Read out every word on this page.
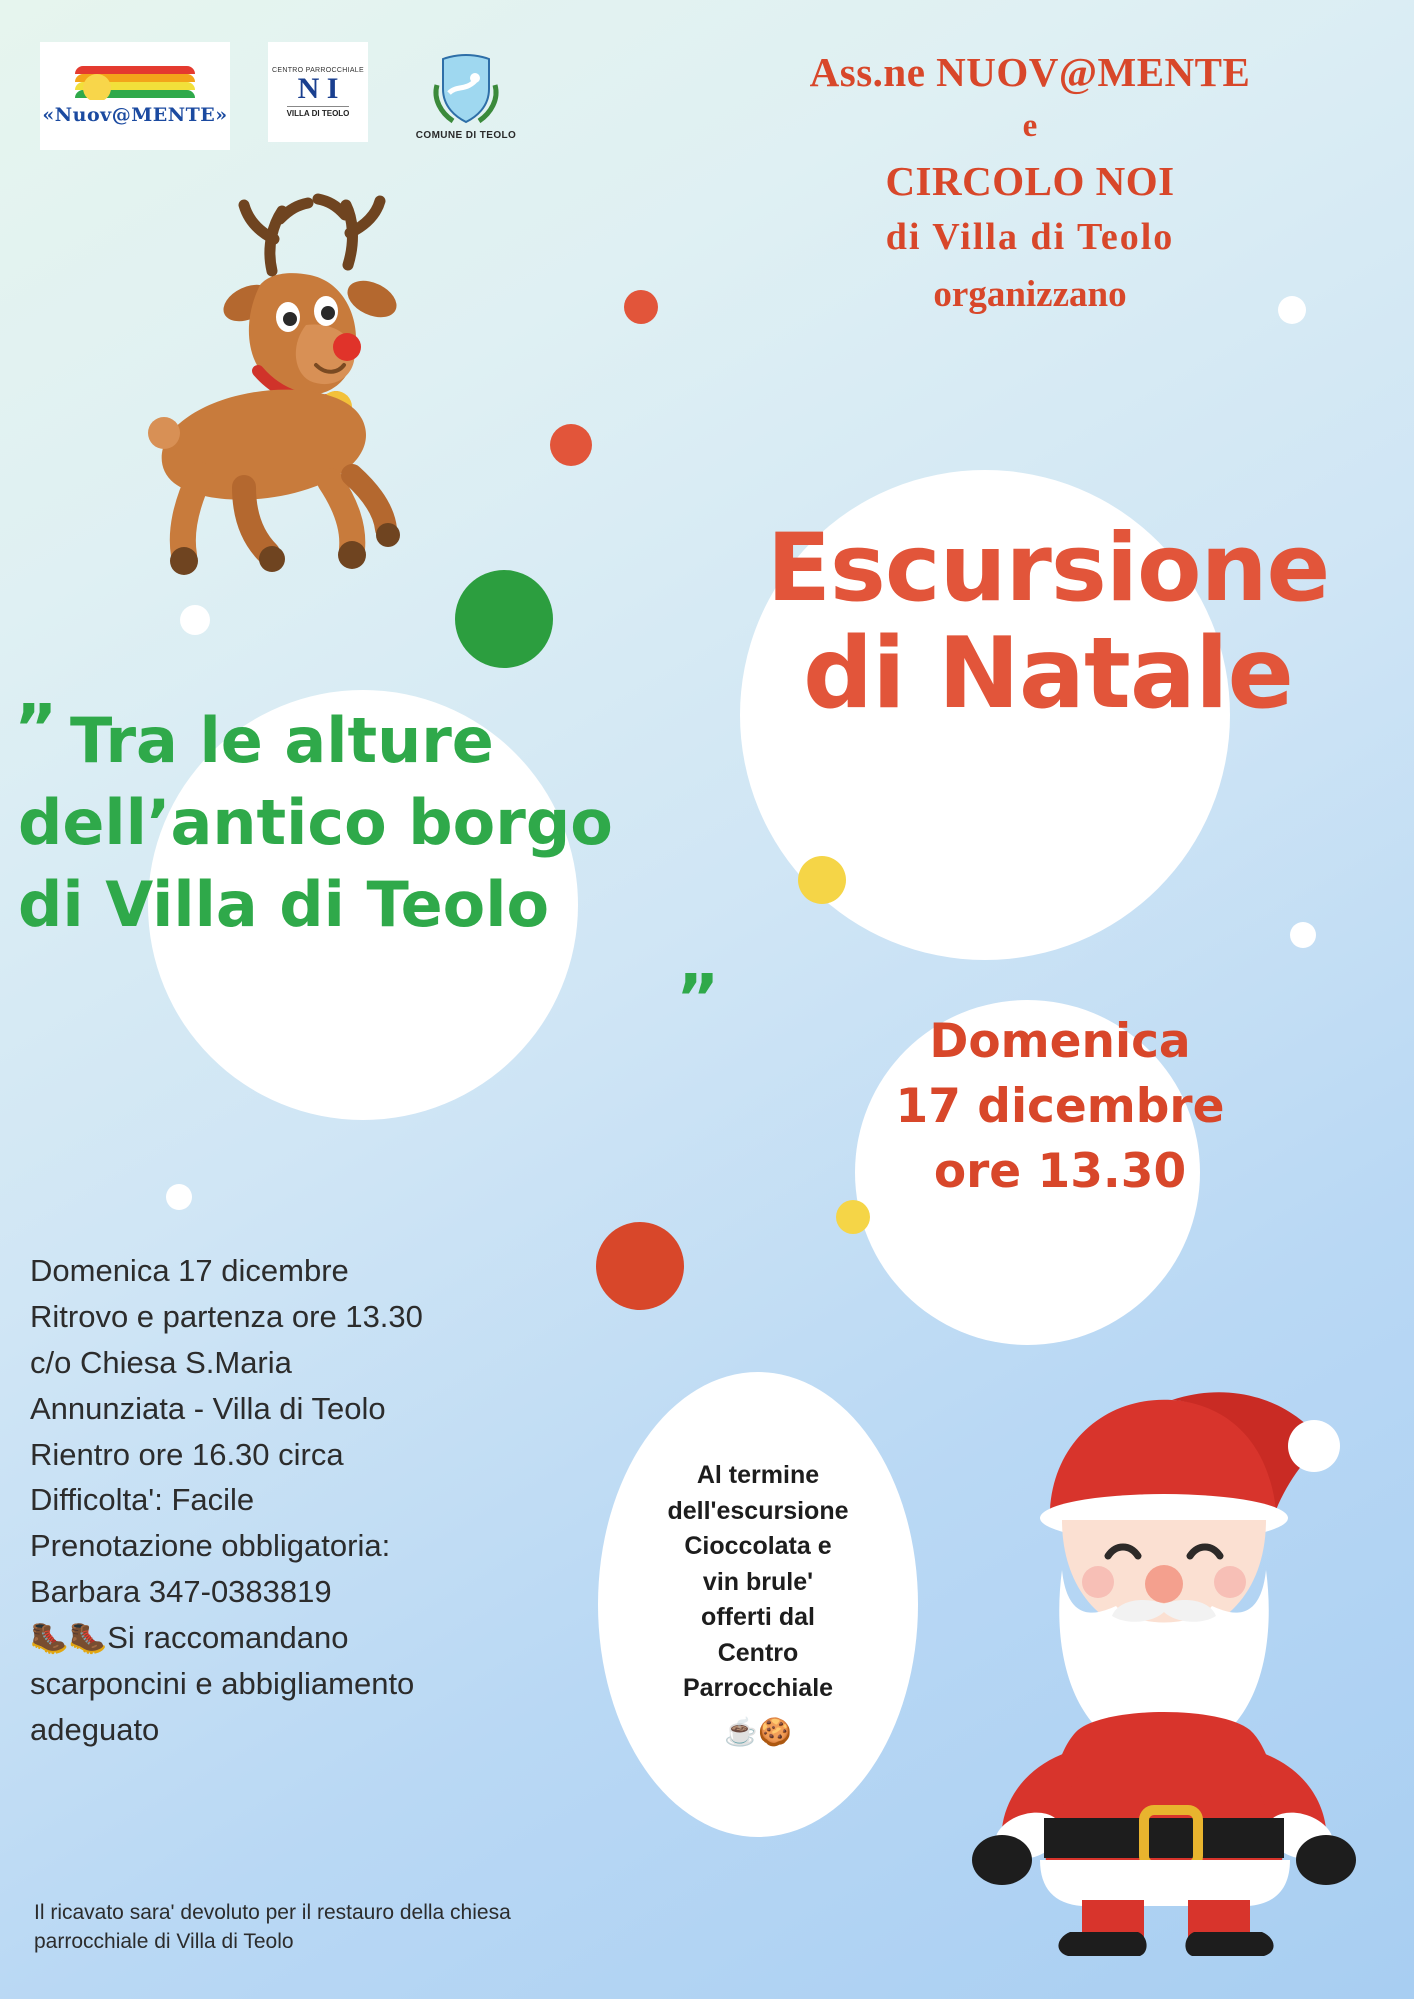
«Nuov@MENTE»
CENTRO PARROCCHIALE
N I
VILLA DI TEOLO
COMUNE DI TEOLO
Ass.ne NUOV@MENTE
e
CIRCOLO NOI
di Villa di Teolo
organizzano
Escursione
di Natale
” Tra le alture
dell’antico borgo
di Villa di Teolo
”
Domenica
17 dicembre
ore 13.30
Domenica 17 dicembre
Ritrovo e partenza ore 13.30
c/o Chiesa S.Maria
Annunziata - Villa di Teolo
Rientro ore 16.30 circa
Difficolta': Facile
Prenotazione obbligatoria:
Barbara 347-0383819
🥾🥾Si raccomandano
scarponcini e abbigliamento
adeguato
Al termine
dell'escursione
Cioccolata e
vin brule'
offerti dal
Centro
Parrocchiale
☕🍪
Il ricavato sara' devoluto per il restauro della chiesa
parrocchiale di Villa di Teolo
